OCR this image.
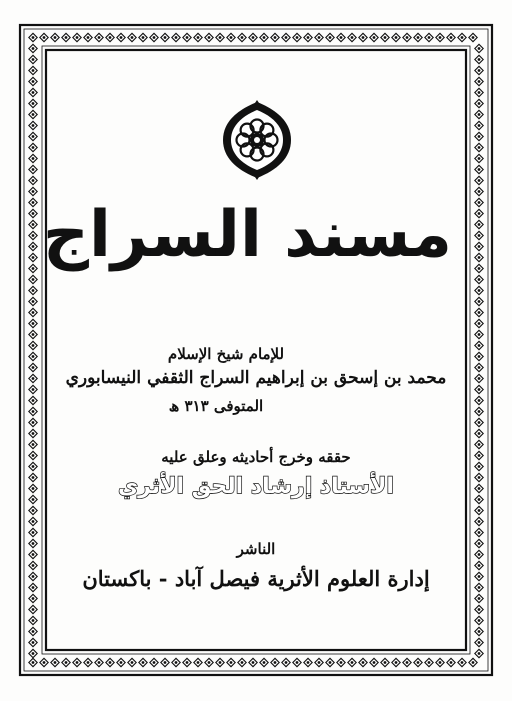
مسند السراج
للإمام شيخ الإسلام
محمد بن إسحق بن إبراهيم السراج الثقفي النيسابوري
المتوفى ٣١٣ ھ
حققه وخرج أحاديثه وعلق عليه
الأستاذ إرشاد الحق الأثري
الناشر
إدارة العلوم الأثرية فيصل آباد - باكستان
